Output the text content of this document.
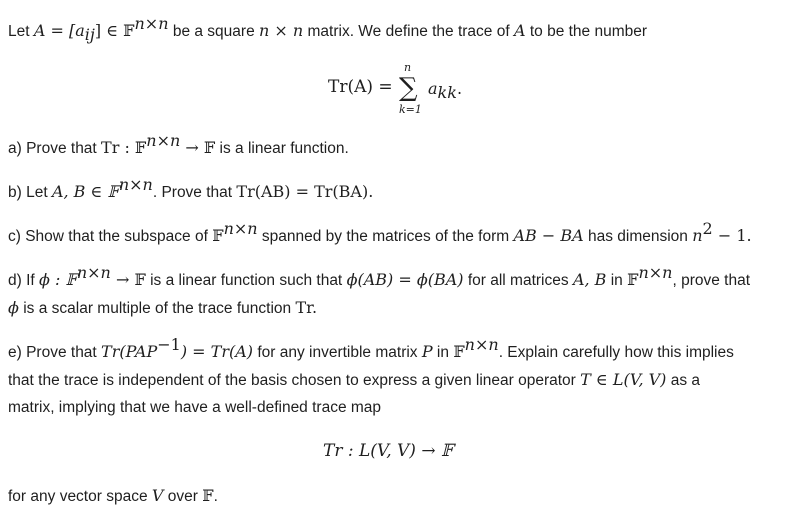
Let $A = [a_{ij}]$ ∈ 𝔽$^{n\times n}$ be a square n × n matrix. We define the trace of A to be the number
Tr(A) =
n
∑
k=1
$a_{kk}$.
a) Prove that Tr : 𝔽$^{n\times n}$ → 𝔽 is a linear function.
b) Let A, B ∈ 𝔽$^{n\times n}$. Prove that Tr(AB) = Tr(BA).
c) Show that the subspace of 𝔽$^{n\times n}$ spanned by the matrices of the form AB − BA has dimension $n^2 - 1$.
d) If ϕ : 𝔽$^{n\times n}$ → 𝔽 is a linear function such that ϕ(AB) = ϕ(BA) for all matrices A, B in 𝔽$^{n\times n}$, prove that
ϕ is a scalar multiple of the trace function Tr.
e) Prove that $Tr(PAP^{-1}) = Tr(A)$ for any invertible matrix P in 𝔽$^{n\times n}$. Explain carefully how this implies
that the trace is independent of the basis chosen to express a given linear operator T ∈ L(V, V) as a
matrix, implying that we have a well-defined trace map
Tr : L(V, V) → 𝔽
for any vector space V over 𝔽.
